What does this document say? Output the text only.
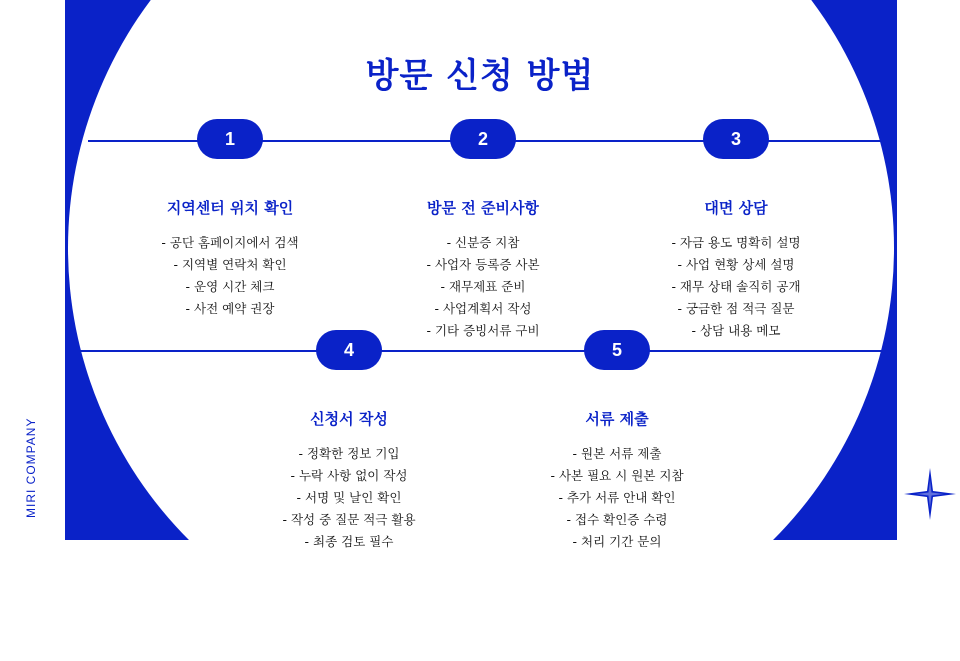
방문 신청 방법
1	2	3
4	5
지역센터 위치 확인
- 공단 홈페이지에서 검색
- 지역별 연락처 확인
- 운영 시간 체크
- 사전 예약 권장
방문 전 준비사항
- 신분증 지참
- 사업자 등록증 사본
- 재무제표 준비
- 사업계획서 작성
- 기타 증빙서류 구비
대면 상담
- 자금 용도 명확히 설명
- 사업 현황 상세 설명
- 재무 상태 솔직히 공개
- 궁금한 점 적극 질문
- 상담 내용 메모
신청서 작성
- 정확한 정보 기입
- 누락 사항 없이 작성
- 서명 및 날인 확인
- 작성 중 질문 적극 활용
- 최종 검토 필수
서류 제출
- 원본 서류 제출
- 사본 필요 시 원본 지참
- 추가 서류 안내 확인
- 접수 확인증 수령
- 처리 기간 문의
MIRI COMPANY
